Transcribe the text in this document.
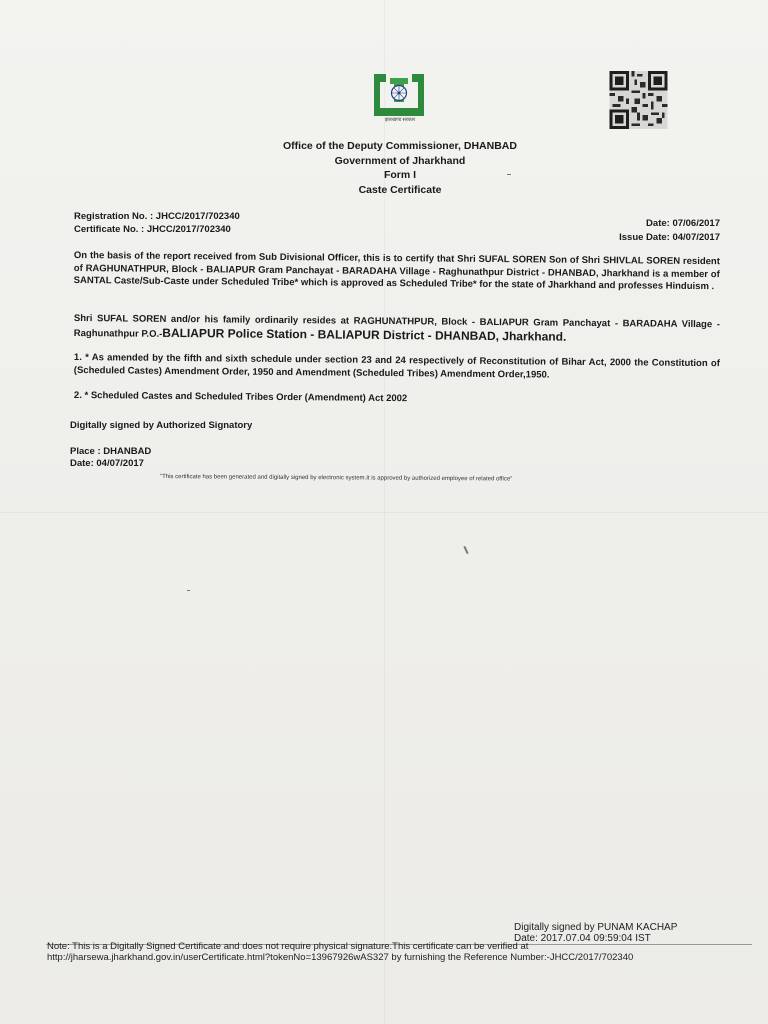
झारखण्ड सरकार
Office of the Deputy Commissioner, DHANBAD
Government of Jharkhand
Form I
Caste Certificate
Registration No. : JHCC/2017/702340
Certificate No. : JHCC/2017/702340
Date: 07/06/2017
Issue Date: 04/07/2017
On the basis of the report received from Sub Divisional Officer, this is to certify that Shri SUFAL SOREN Son of Shri SHIVLAL SOREN resident of RAGHUNATHPUR, Block - BALIAPUR Gram Panchayat - BARADAHA Village - Raghunathpur District - DHANBAD, Jharkhand is a member of SANTAL Caste/Sub-Caste under Scheduled Tribe* which is approved as Scheduled Tribe* for the state of Jharkhand and professes Hinduism .
Shri SUFAL SOREN and/or his family ordinarily resides at RAGHUNATHPUR, Block - BALIAPUR Gram Panchayat - BARADAHA Village - Raghunathpur P.O.-BALIAPUR Police Station - BALIAPUR District - DHANBAD, Jharkhand.
1. * As amended by the fifth and sixth schedule under section 23 and 24 respectively of Reconstitution of Bihar Act, 2000 the Constitution of (Scheduled Castes) Amendment Order, 1950 and Amendment (Scheduled Tribes) Amendment Order,1950.
2. * Scheduled Castes and Scheduled Tribes Order (Amendment) Act 2002
Digitally signed by Authorized Signatory
Place : DHANBAD
Date: 04/07/2017
"This certificate has been generated and digitally signed by electronic system.It is approved by authorized employee of related office"
Digitally signed by PUNAM KACHAP
Date: 2017.07.04 09:59:04 IST
Note: This is a Digitally Signed Certificate and does not require physical signature.This certificate can be verified at
http://jharsewa.jharkhand.gov.in/userCertificate.html?tokenNo=13967926wAS327 by furnishing the Reference Number:-JHCC/2017/702340
